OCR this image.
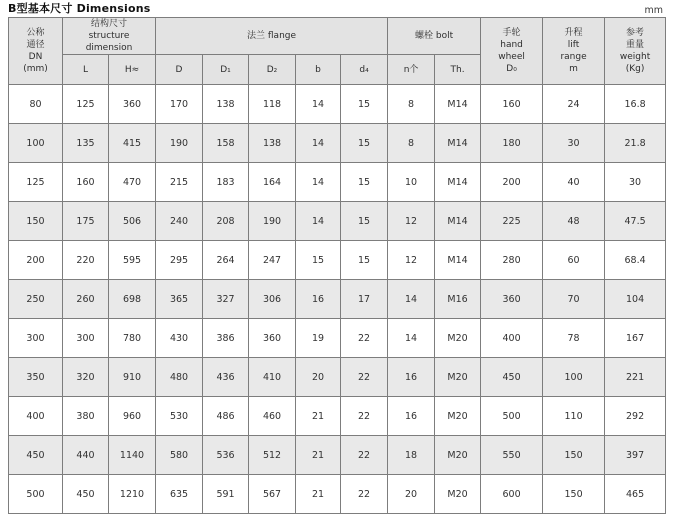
B型基本尺寸 Dimensions	mm
公称
通径
DN
(mm)	结构尺寸
structure dimension		法兰 flange					螺栓 bolt		手轮
hand
wheel
D₀	升程
lift
range
m	参考
重量
weight
(Kg)

	L	H≈	D	D₁	D₂	b	d₄	n个	Th.			
80	125	360	170	138	118	14	15	8	M14	160	24	16.8
100	135	415	190	158	138	14	15	8	M14	180	30	21.8
125	160	470	215	183	164	14	15	10	M14	200	40	30
150	175	506	240	208	190	14	15	12	M14	225	48	47.5
200	220	595	295	264	247	15	15	12	M14	280	60	68.4
250	260	698	365	327	306	16	17	14	M16	360	70	104
300	300	780	430	386	360	19	22	14	M20	400	78	167
350	320	910	480	436	410	20	22	16	M20	450	100	221
400	380	960	530	486	460	21	22	16	M20	500	110	292
450	440	1140	580	536	512	21	22	18	M20	550	150	397
500	450	1210	635	591	567	21	22	20	M20	600	150	465
